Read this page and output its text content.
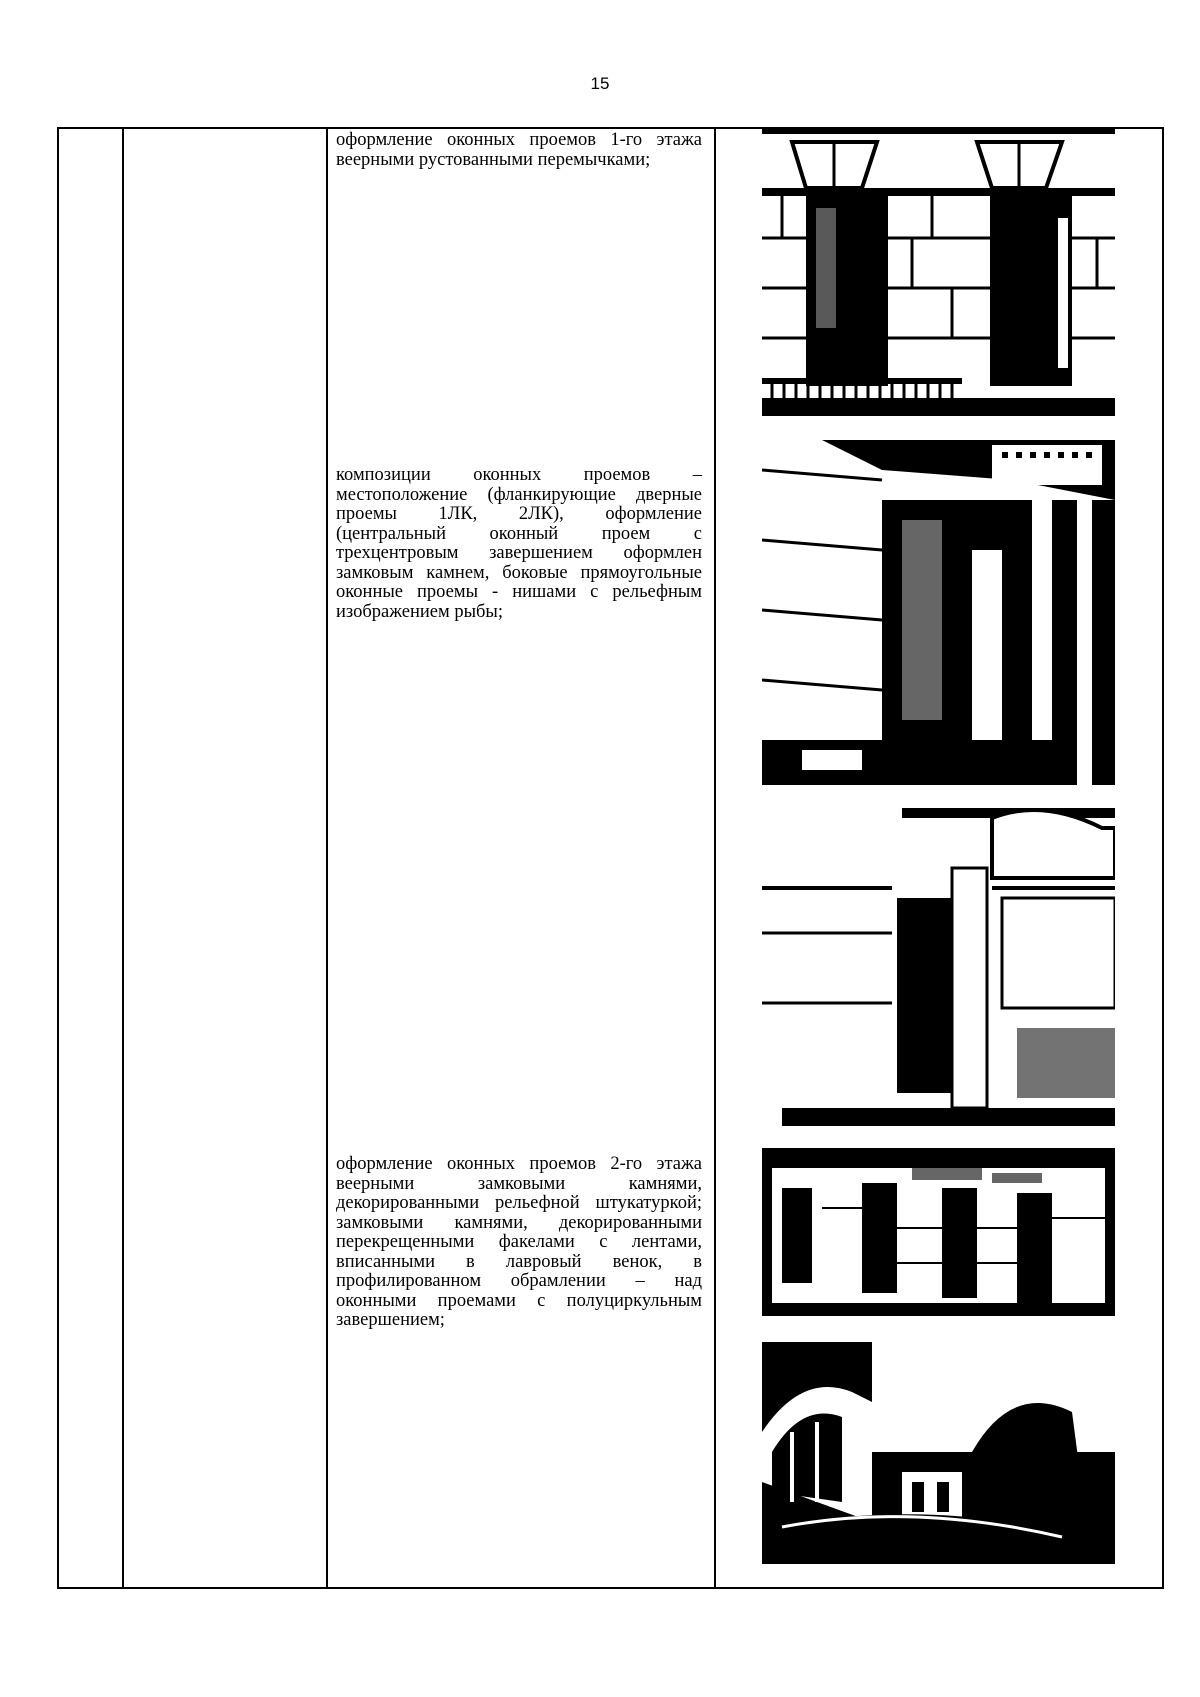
15
оформление оконных проемов 1-го этажа веерными рустованными перемычками;
композиции оконных проемов – местоположение (фланкирующие дверные проемы 1ЛК, 2ЛК), оформление (центральный оконный проем с трехцентровым завершением оформлен замковым камнем, боковые прямоугольные оконные проемы - нишами с рельефным изображением рыбы;
оформление оконных проемов 2-го этажа веерными замковыми камнями, декорированными рельефной штукатуркой; замковыми камнями, декорированными перекрещенными факелами с лентами, вписанными в лавровый венок, в профилированном обрамлении – над оконными проемами с полуциркульным завершением;
